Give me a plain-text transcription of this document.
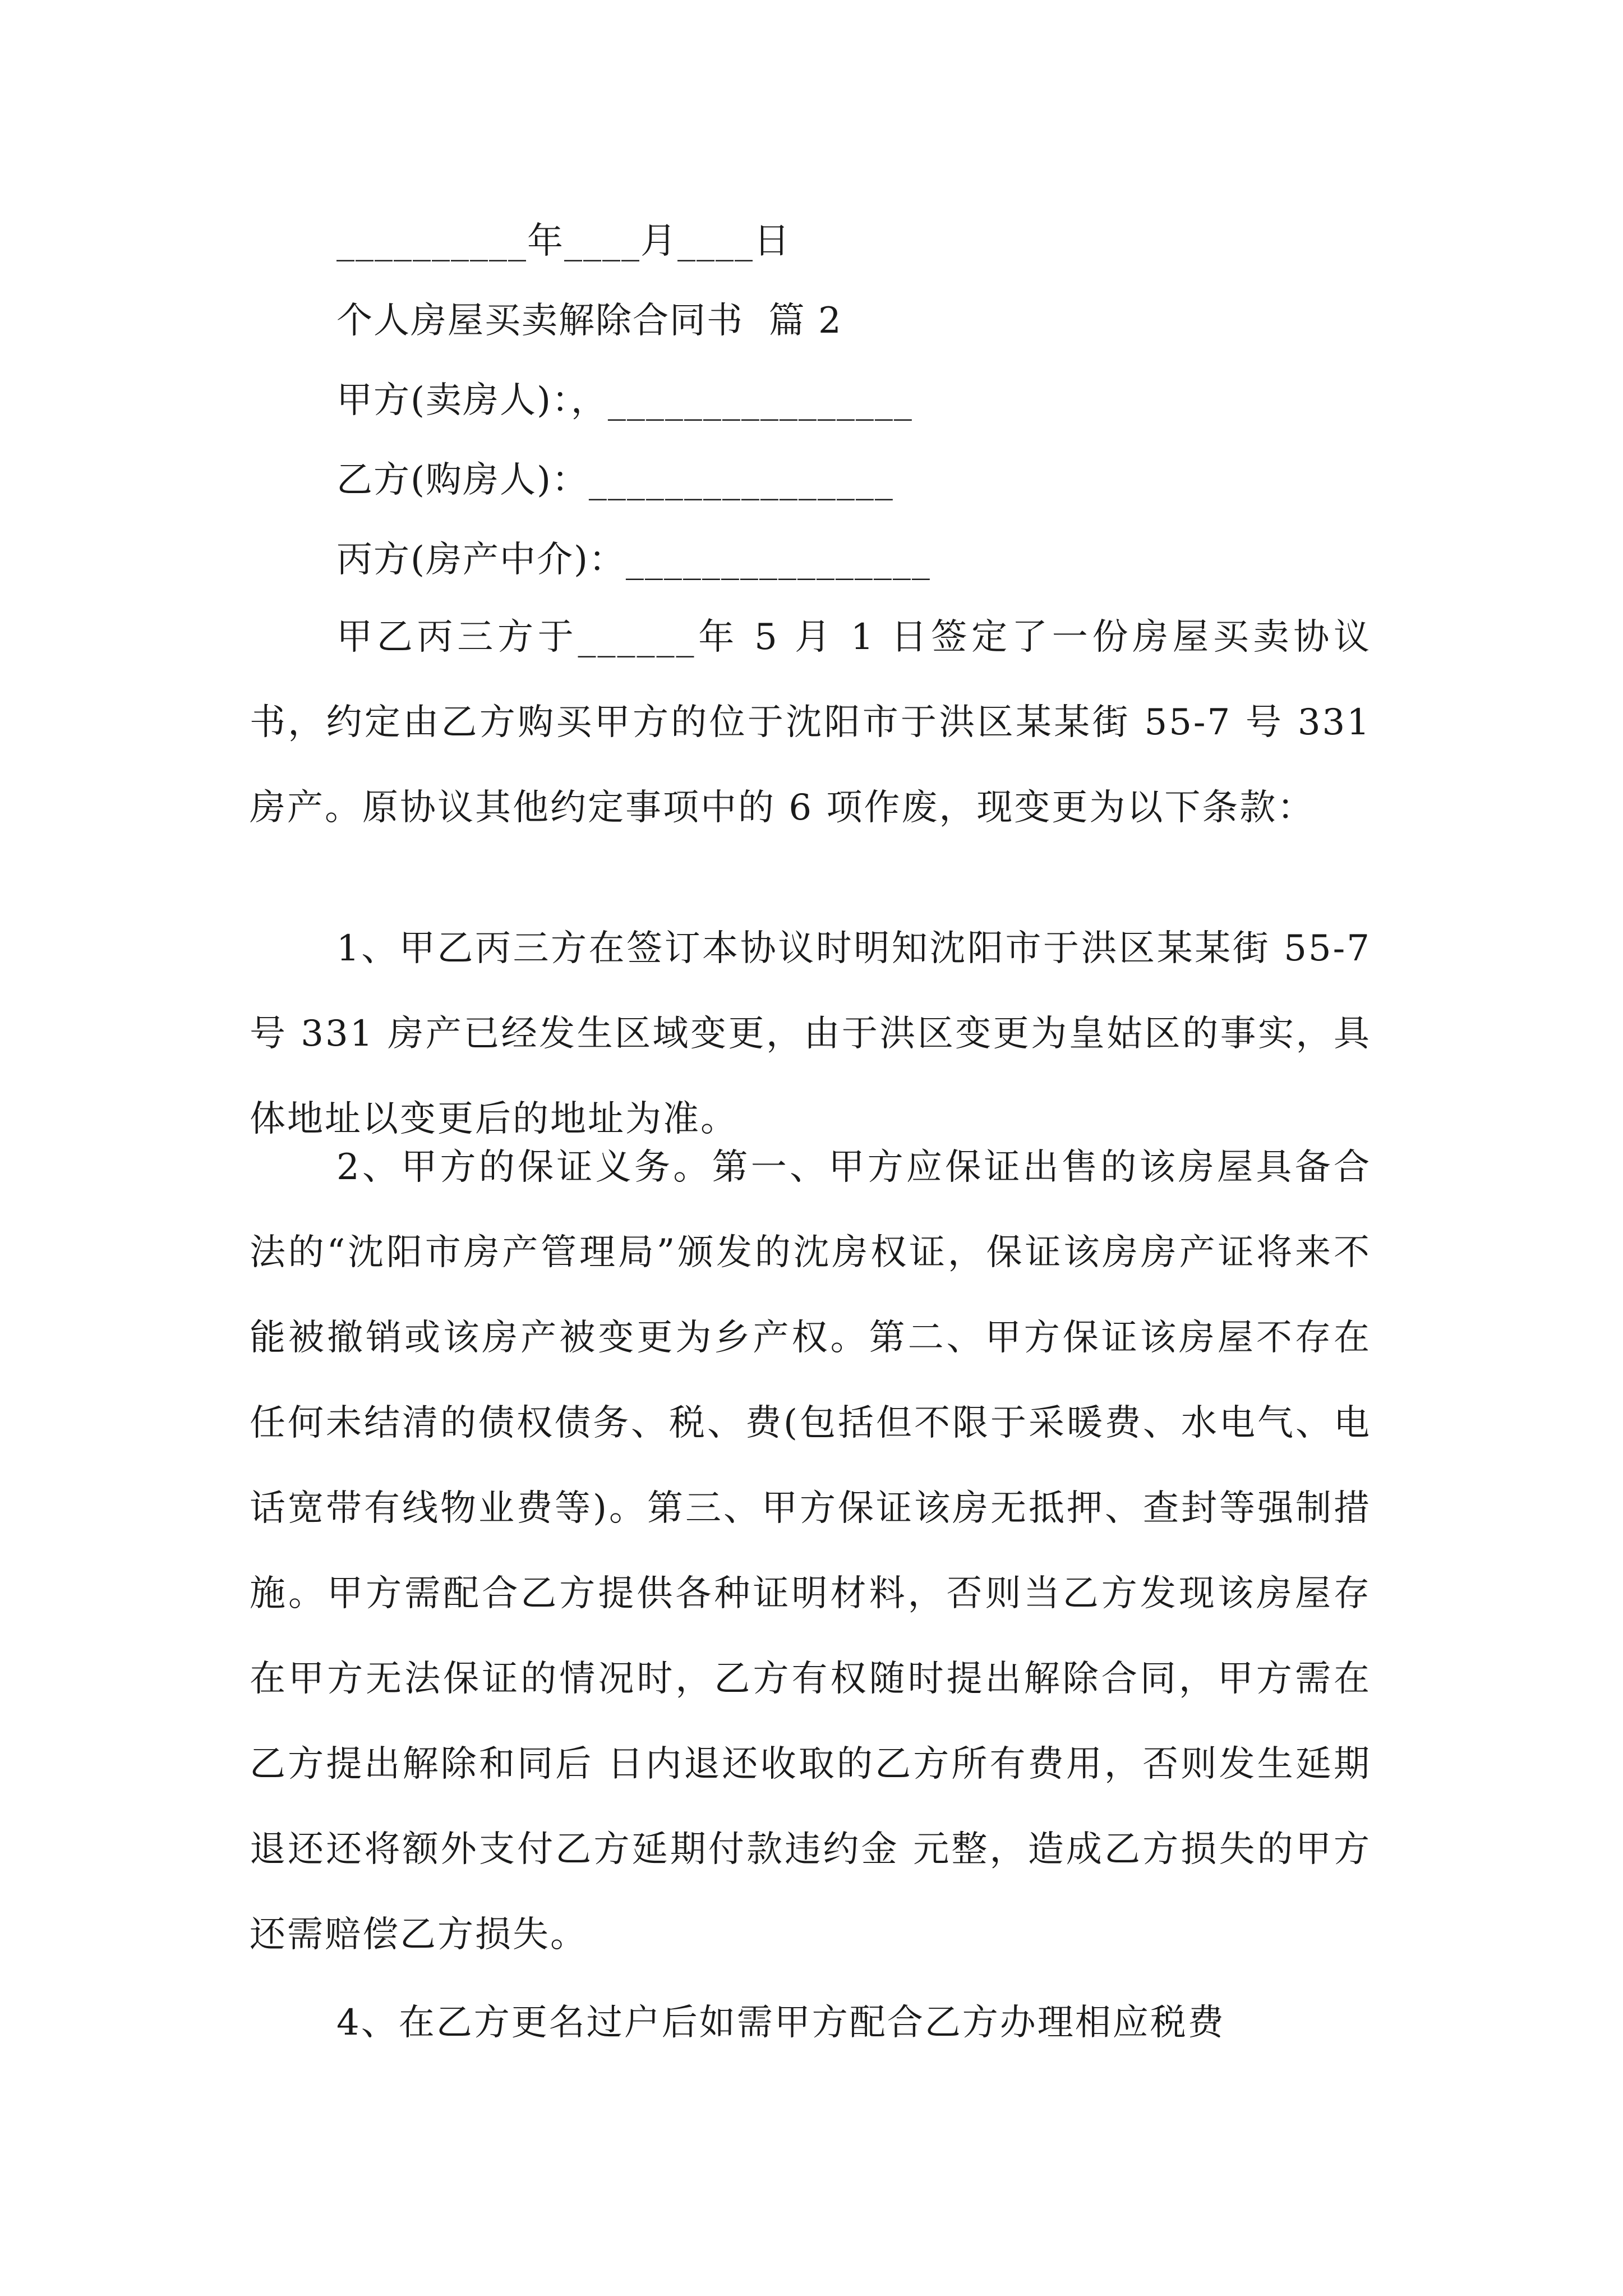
__________年____月____日
个人房屋买卖解除合同书  篇 2
甲方(卖房人)：，________________
乙方(购房人)：________________
丙方(房产中介)：________________
甲乙丙三方于______年 5 月 1 日签定了一份房屋买卖协议书，约定由乙方购买甲方的位于沈阳市于洪区某某街 55-7 号 331 房产。原协议其他约定事项中的 6 项作废，现变更为以下条款：
1、甲乙丙三方在签订本协议时明知沈阳市于洪区某某街 55-7 号 331 房产已经发生区域变更，由于洪区变更为皇姑区的事实，具体地址以变更后的地址为准。
2、甲方的保证义务。第一、甲方应保证出售的该房屋具备合法的“沈阳市房产管理局”颁发的沈房权证，保证该房房产证将来不能被撤销或该房产被变更为乡产权。第二、甲方保证该房屋不存在任何未结清的债权债务、税、费(包括但不限于采暖费、水电气、电话宽带有线物业费等)。第三、甲方保证该房无抵押、查封等强制措施。甲方需配合乙方提供各种证明材料，否则当乙方发现该房屋存在甲方无法保证的情况时，乙方有权随时提出解除合同，甲方需在乙方提出解除和同后 日内退还收取的乙方所有费用，否则发生延期退还还将额外支付乙方延期付款违约金 元整，造成乙方损失的甲方还需赔偿乙方损失。
4、在乙方更名过户后如需甲方配合乙方办理相应税费
